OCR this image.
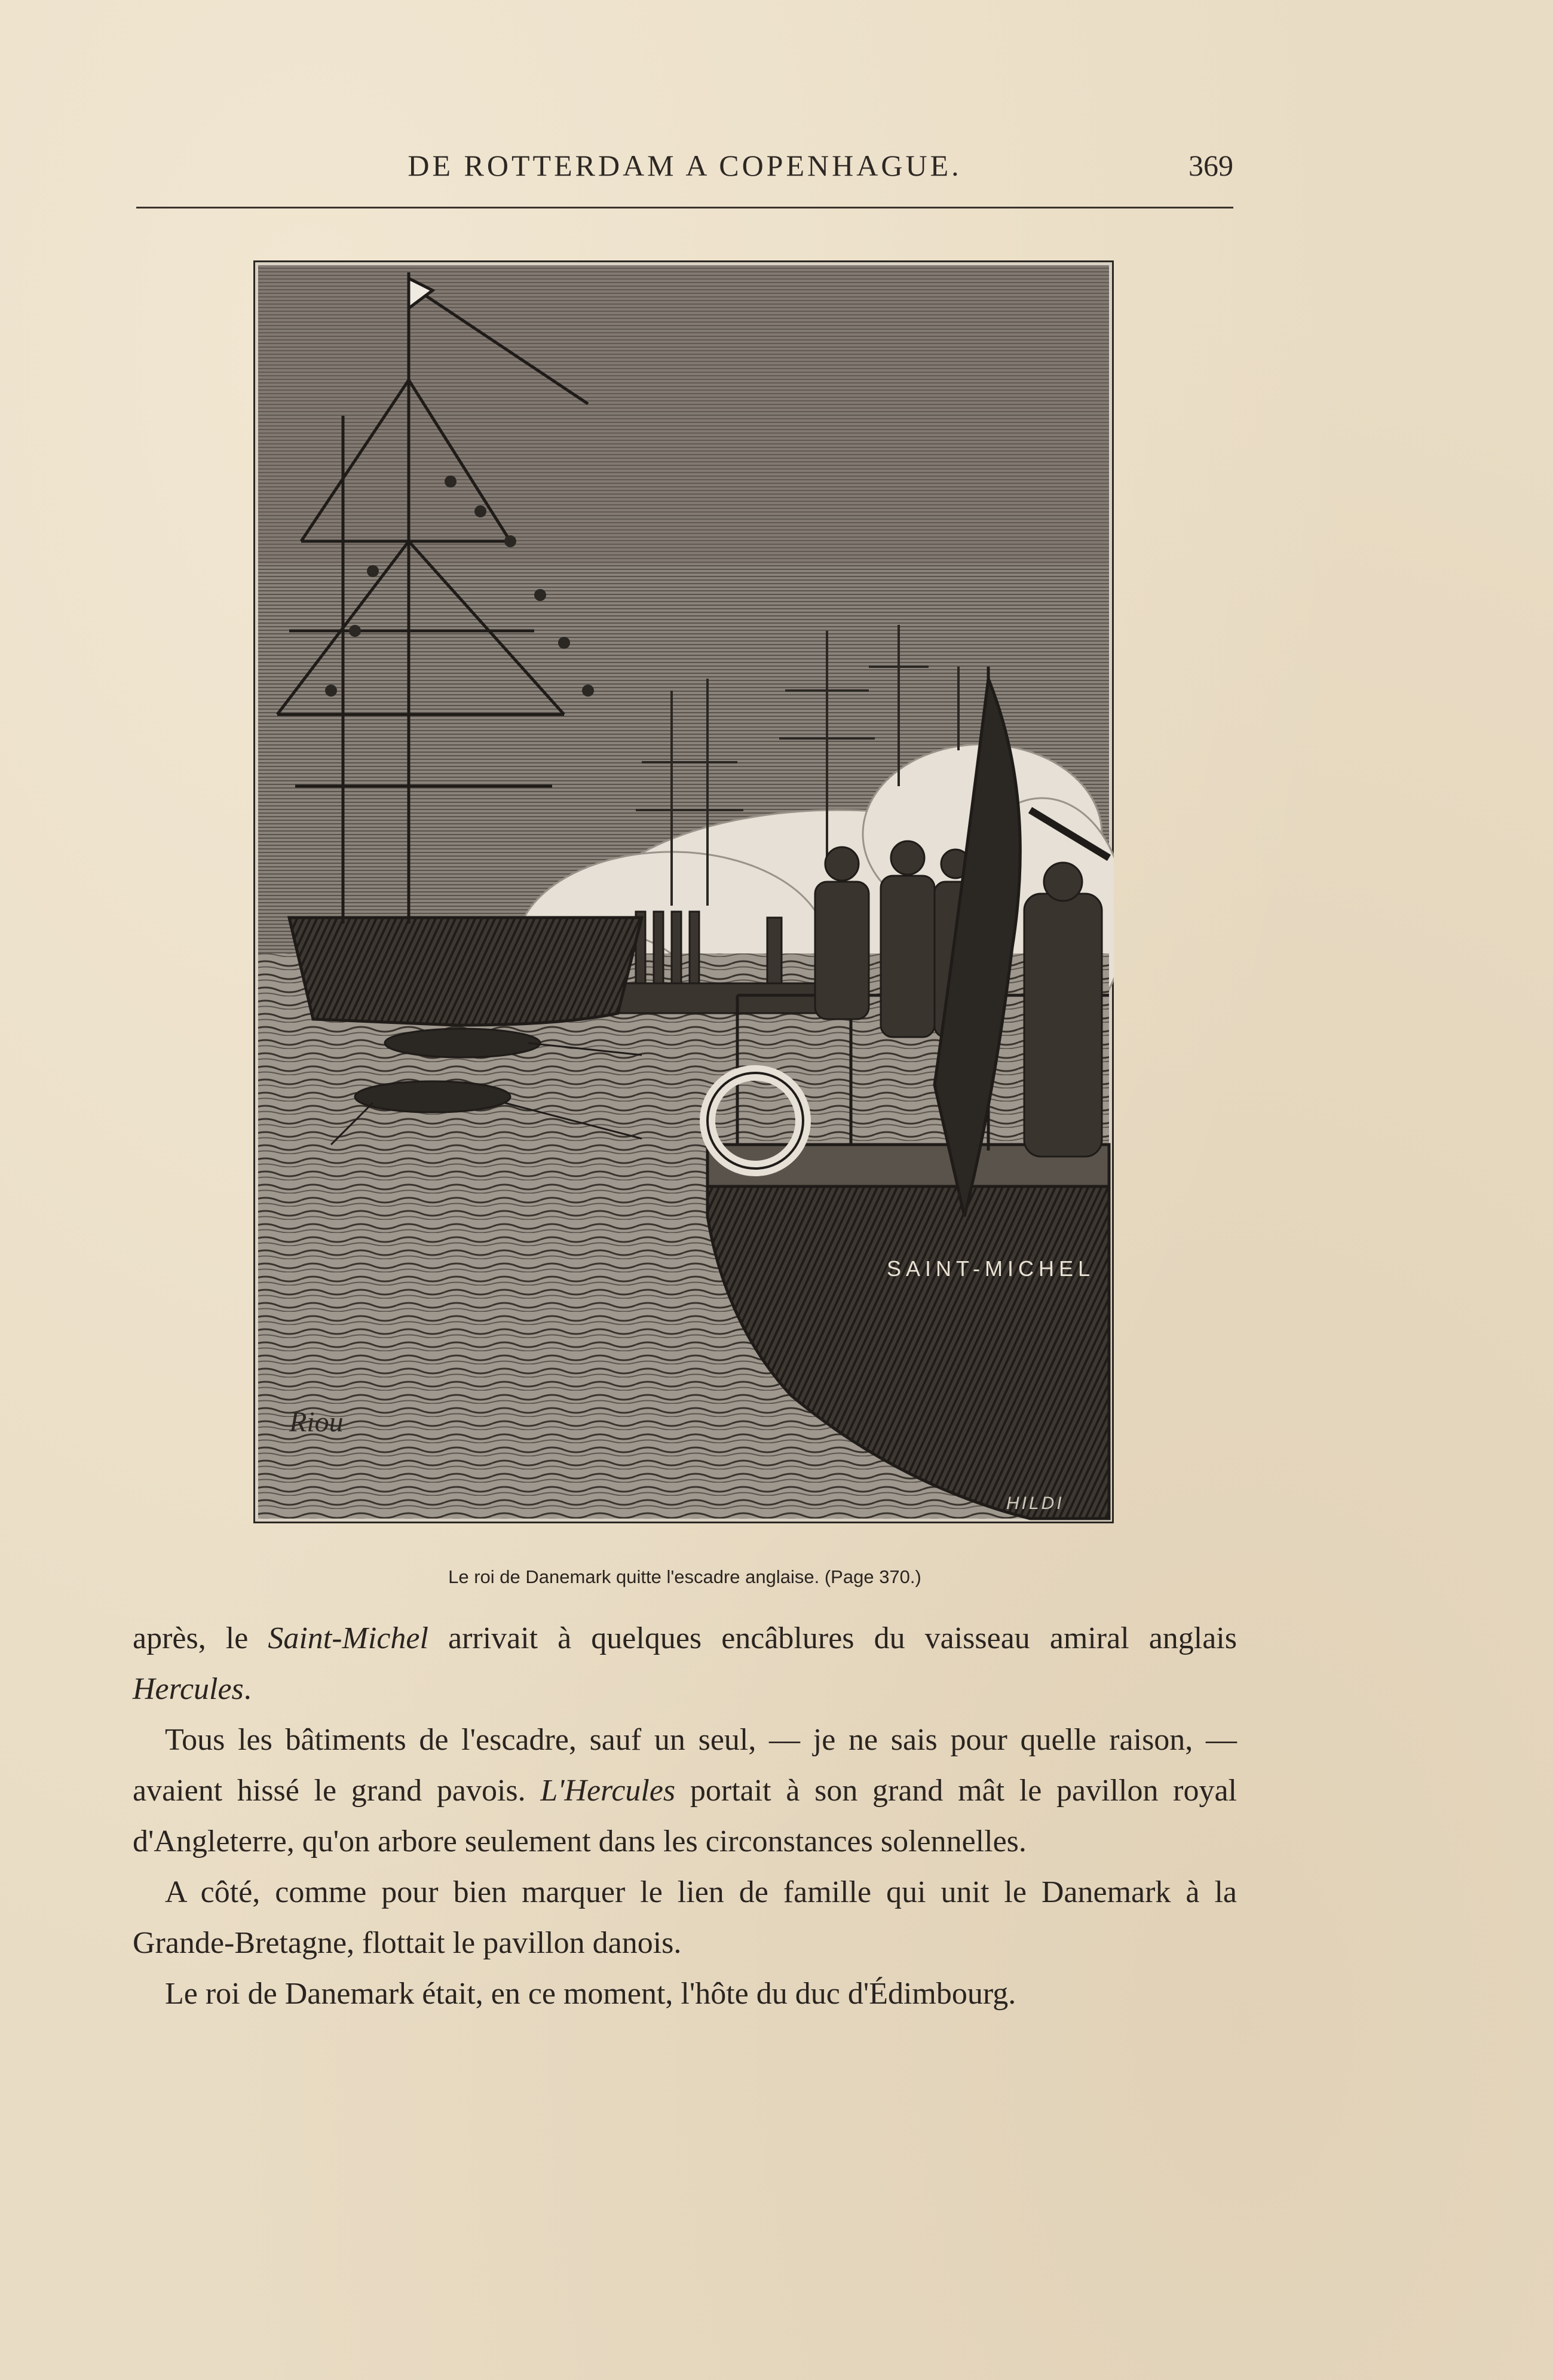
DE ROTTERDAM A COPENHAGUE.	369
SAINT-MICHEL
Riou
HILDI
Le roi de Danemark quitte l'escadre anglaise. (Page 370.)

après, le Saint-Michel arrivait à quelques encâblures du vaisseau amiral anglais Hercules.

Tous les bâtiments de l'escadre, sauf un seul, — je ne sais pour quelle raison, — avaient hissé le grand pavois. L'Hercules portait à son grand mât le pavillon royal d'Angleterre, qu'on arbore seulement dans les circonstances solennelles.

A côté, comme pour bien marquer le lien de famille qui unit le Danemark à la Grande-Bretagne, flottait le pavillon danois.

Le roi de Danemark était, en ce moment, l'hôte du duc d'Édimbourg.
